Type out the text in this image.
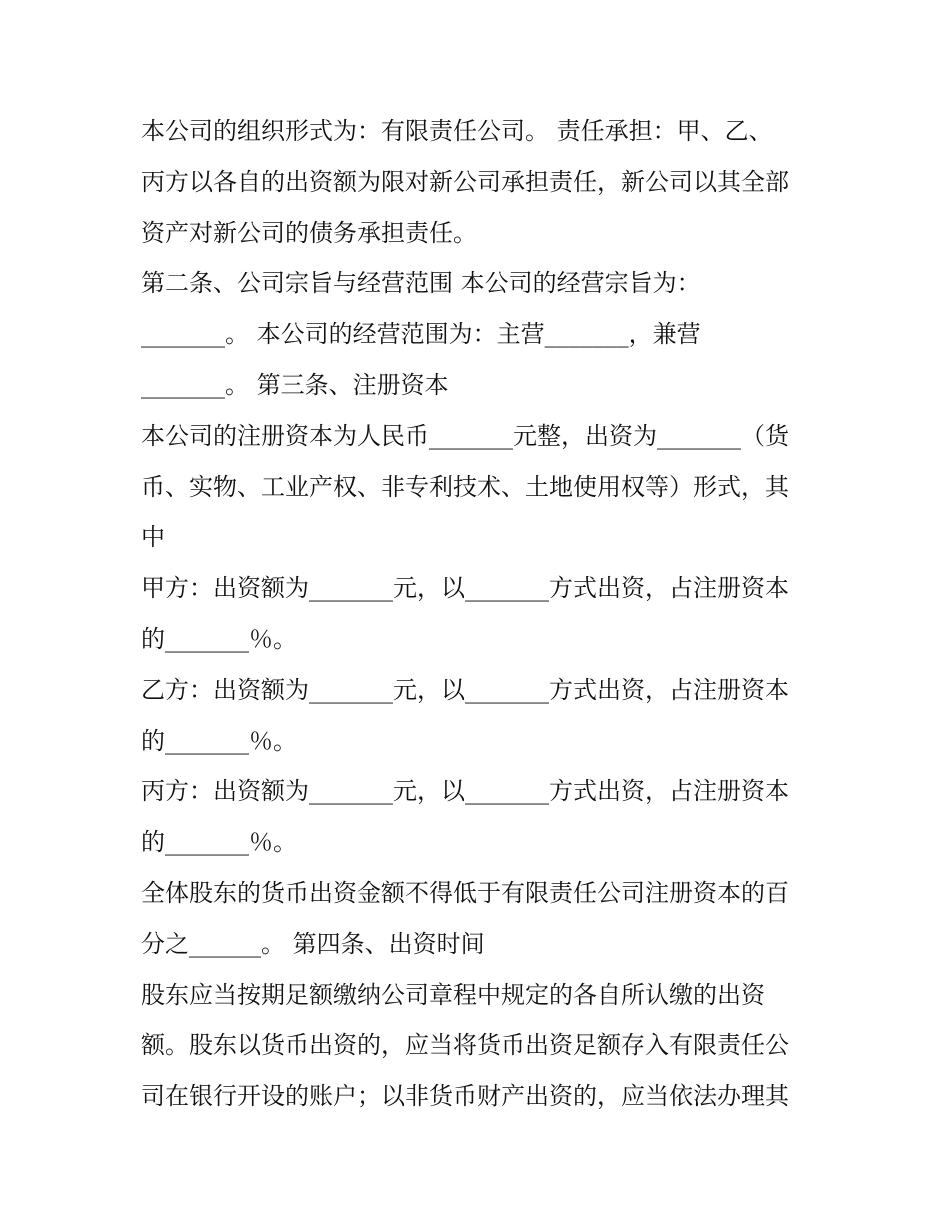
本公司的组织形式为：有限责任公司。 责任承担：甲、乙、
丙方以各自的出资额为限对新公司承担责任，新公司以其全部
资产对新公司的债务承担责任。
第二条、公司宗旨与经营范围 本公司的经营宗旨为：
_______。 本公司的经营范围为：主营_______，兼营
_______。 第三条、注册资本
本公司的注册资本为人民币_______元整，出资为_______（货
币、实物、工业产权、非专利技术、土地使用权等）形式，其
中
甲方：出资额为_______元，以_______方式出资，占注册资本
的_______％。
乙方：出资额为_______元，以_______方式出资，占注册资本
的_______％。
丙方：出资额为_______元，以_______方式出资，占注册资本
的_______％。
全体股东的货币出资金额不得低于有限责任公司注册资本的百
分之______。 第四条、出资时间
股东应当按期足额缴纳公司章程中规定的各自所认缴的出资
额。股东以货币出资的，应当将货币出资足额存入有限责任公
司在银行开设的账户；以非货币财产出资的，应当依法办理其
